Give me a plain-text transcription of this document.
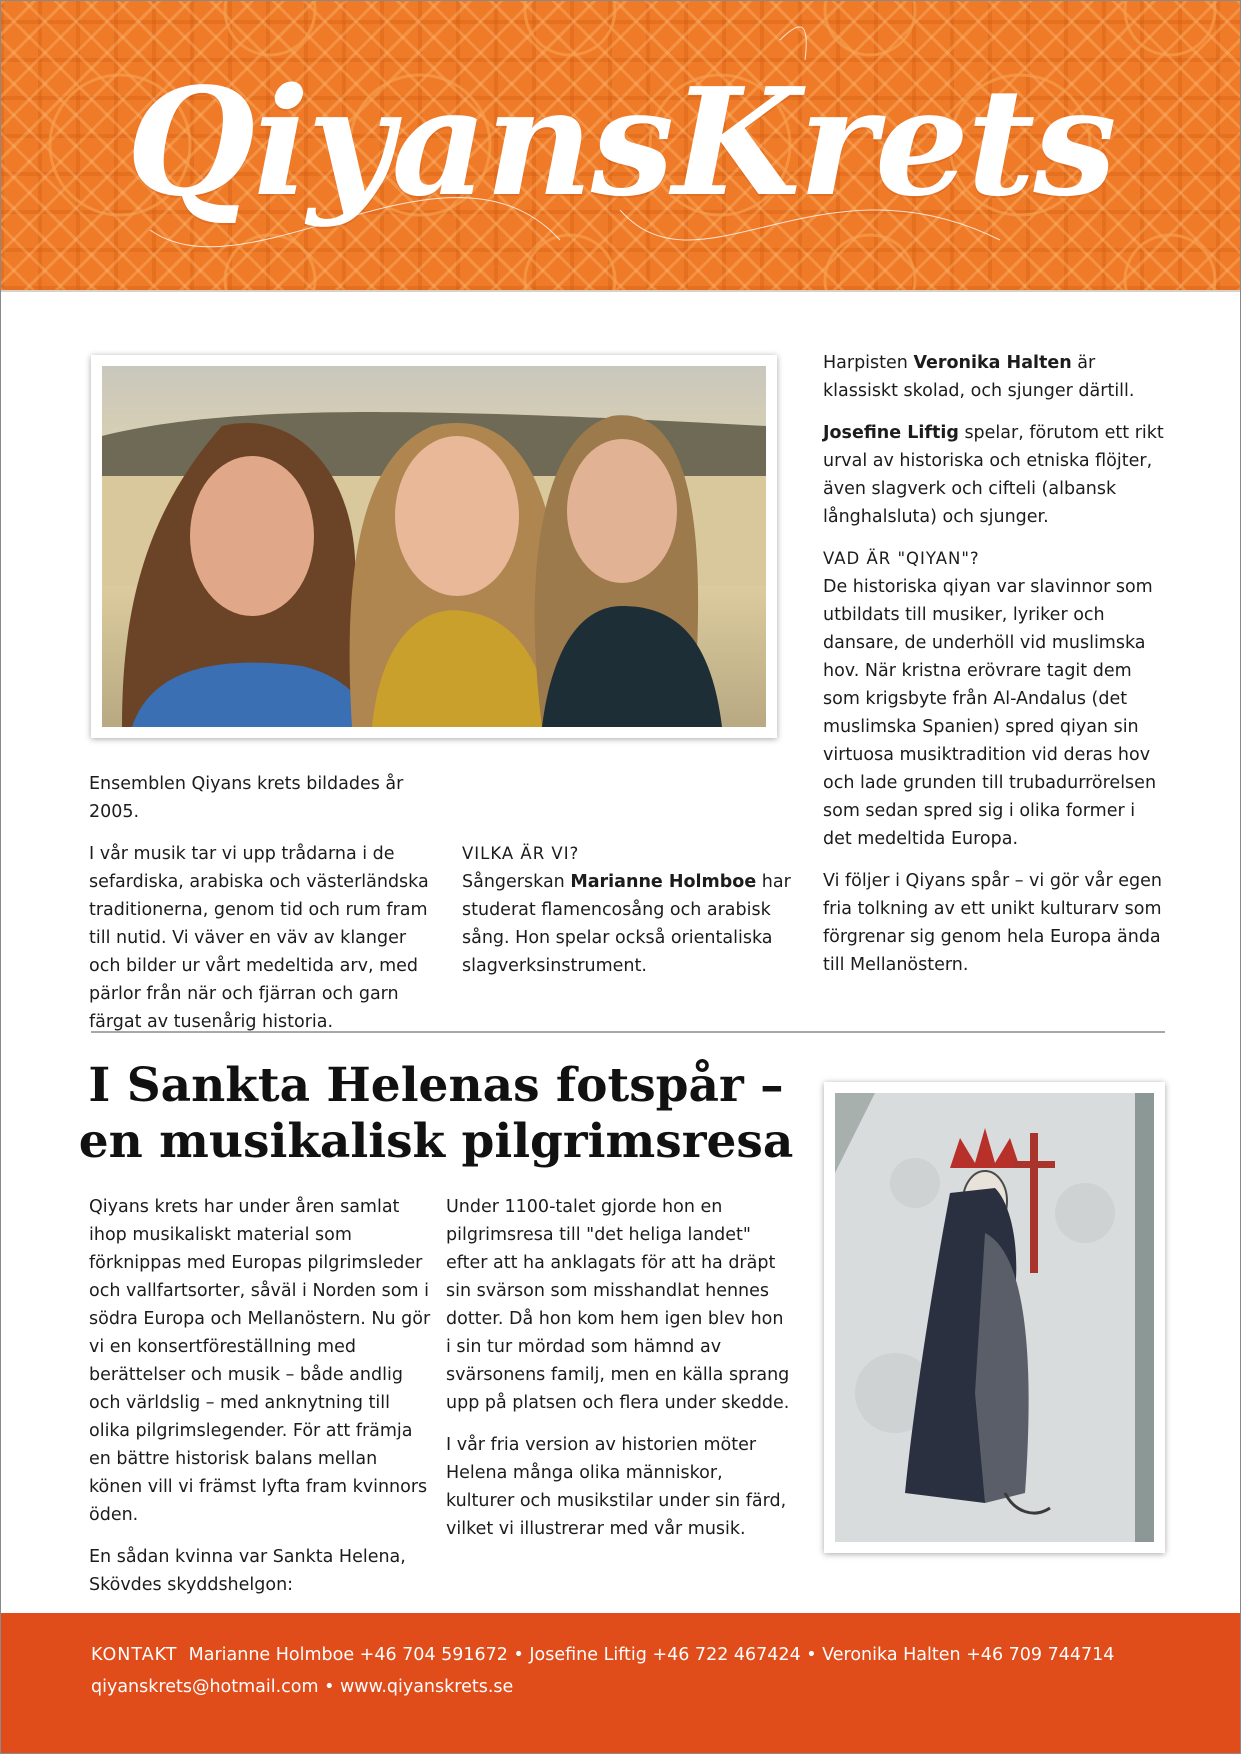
QiyansKrets

Ensemblen Qiyans krets bildades år 2005.

I vår musik tar vi upp trådarna i de sefardiska, arabiska och västerländska traditionerna, genom tid och rum fram till nutid. Vi väver en väv av klanger och bilder ur vårt medeltida arv, med pärlor från när och fjärran och garn färgat av tusenårig historia.

VILKA ÄR VI?
Sångerskan Marianne Holmboe har studerat flamencosång och arabisk sång. Hon spelar också orientaliska slagverksinstrument.

Harpisten Veronika Halten är klassiskt skolad, och sjunger därtill.

Josefine Liftig spelar, förutom ett rikt urval av historiska och etniska flöjter, även slagverk och cifteli (albansk långhalsluta) och sjunger.

VAD ÄR "QIYAN"?
De historiska qiyan var slavinnor som utbildats till musiker, lyriker och dansare, de underhöll vid muslimska hov. När kristna erövrare tagit dem som krigsbyte från Al-Andalus (det muslimska Spanien) spred qiyan sin virtuosa musiktradition vid deras hov och lade grunden till trubadurrörelsen som sedan spred sig i olika former i det medeltida Europa.

Vi följer i Qiyans spår – vi gör vår egen fria tolkning av ett unikt kulturarv som förgrenar sig genom hela Europa ända till Mellanöstern.

I Sankta Helenas fotspår –
en musikalisk pilgrimsresa

Qiyans krets har under åren samlat ihop musikaliskt material som förknippas med Europas pilgrimsleder och vallfartsorter, såväl i Norden som i södra Europa och Mellanöstern. Nu gör vi en konsertföreställning med berättelser och musik – både andlig och världslig – med anknytning till olika pilgrimslegender. För att främja en bättre historisk balans mellan könen vill vi främst lyfta fram kvinnors öden.

En sådan kvinna var Sankta Helena, Skövdes skyddshelgon:

Under 1100-talet gjorde hon en pilgrimsresa till "det heliga landet" efter att ha anklagats för att ha dräpt sin svärson som misshandlat hennes dotter. Då hon kom hem igen blev hon i sin tur mördad som hämnd av svärsonens familj, men en källa sprang upp på platsen och flera under skedde.

I vår fria version av historien möter Helena många olika människor, kulturer och musikstilar under sin färd, vilket vi illustrerar med vår musik.

KONTAKT Marianne Holmboe +46 704 591672 • Josefine Liftig +46 722 467424 • Veronika Halten +46 709 744714
qiyanskrets@hotmail.com • www.qiyanskrets.se
